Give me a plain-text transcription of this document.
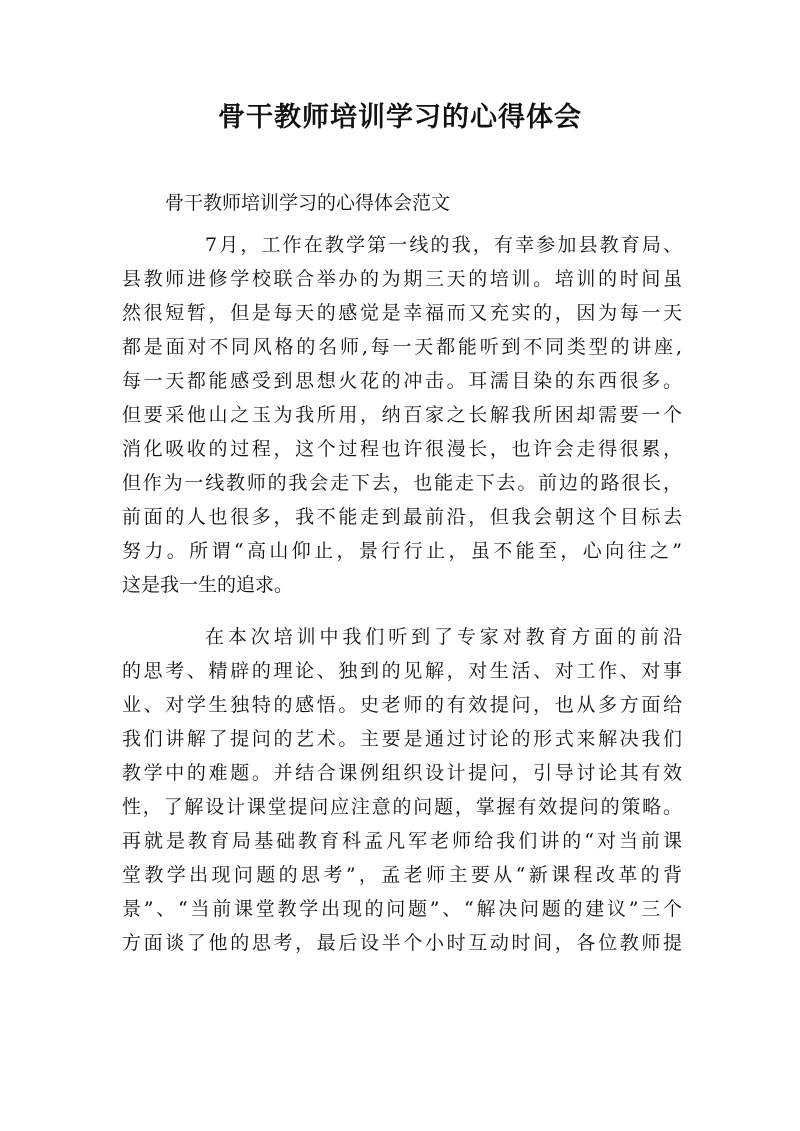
骨干教师培训学习的心得体会

骨干教师培训学习的心得体会范文

7月，工作在教学第一线的我，有幸参加县教育局、

县教师进修学校联合举办的为期三天的培训。培训的时间虽

然很短暂，但是每天的感觉是幸福而又充实的，因为每一天

都是面对不同风格的名师,每一天都能听到不同类型的讲座,

每一天都能感受到思想火花的冲击。耳濡目染的东西很多。

但要采他山之玉为我所用，纳百家之长解我所困却需要一个

消化吸收的过程，这个过程也许很漫长，也许会走得很累，

但作为一线教师的我会走下去，也能走下去。前边的路很长，

前面的人也很多，我不能走到最前沿，但我会朝这个目标去

努力。所谓“高山仰止，景行行止，虽不能至，心向往之”

这是我一生的追求。

在本次培训中我们听到了专家对教育方面的前沿

的思考、精辟的理论、独到的见解，对生活、对工作、对事

业、对学生独特的感悟。史老师的有效提问，也从多方面给

我们讲解了提问的艺术。主要是通过讨论的形式来解决我们

教学中的难题。并结合课例组织设计提问，引导讨论其有效

性，了解设计课堂提问应注意的问题，掌握有效提问的策略。

再就是教育局基础教育科孟凡军老师给我们讲的“对当前课

堂教学出现问题的思考”，孟老师主要从“新课程改革的背

景”、“当前课堂教学出现的问题”、“解决问题的建议”三个

方面谈了他的思考，最后设半个小时互动时间，各位教师提
